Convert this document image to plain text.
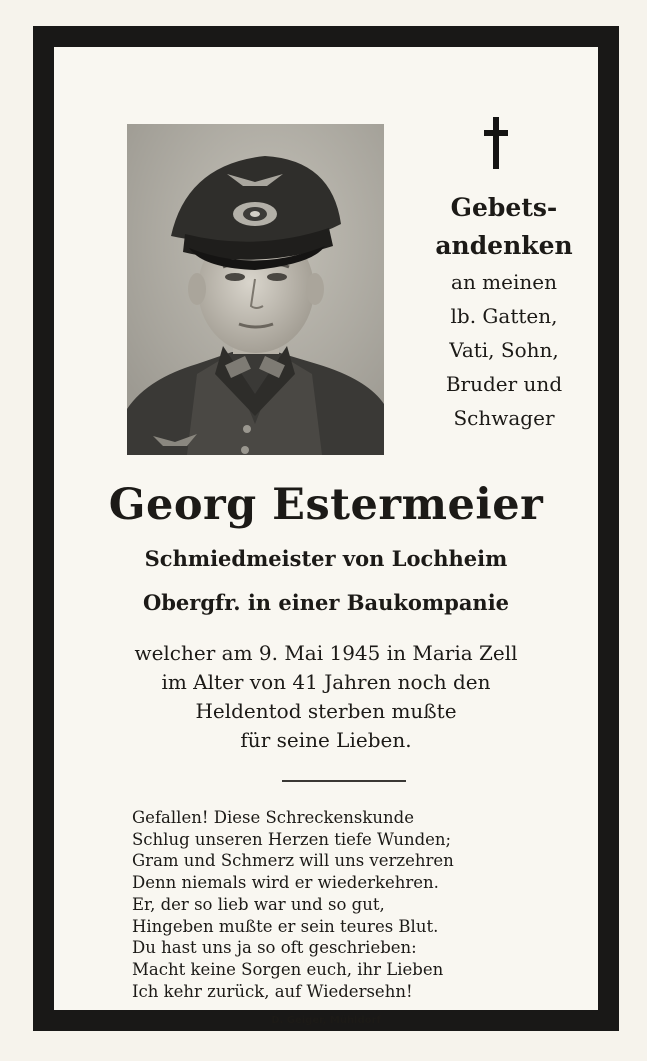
Gebets-
andenken
an meinen
lb. Gatten,
Vati, Sohn,
Bruder und
Schwager
Georg Estermeier
Schmiedmeister von Lochheim
Obergfr. in einer Baukompanie
welcher am 9. Mai 1945 in Maria Zell
im Alter von 41 Jahren noch den
Heldentod sterben mußte
für seine Lieben.
Gefallen! Diese Schreckenskunde
Schlug unseren Herzen tiefe Wunden;
Gram und Schmerz will uns verzehren
Denn niemals wird er wiederkehren.
Er, der so lieb war und so gut,
Hingeben mußte er sein teures Blut.
Du hast uns ja so oft geschrieben:
Macht keine Sorgen euch, ihr Lieben
Ich kehr zurück, auf Wiedersehn!
D. Geiger, Mühldorf
